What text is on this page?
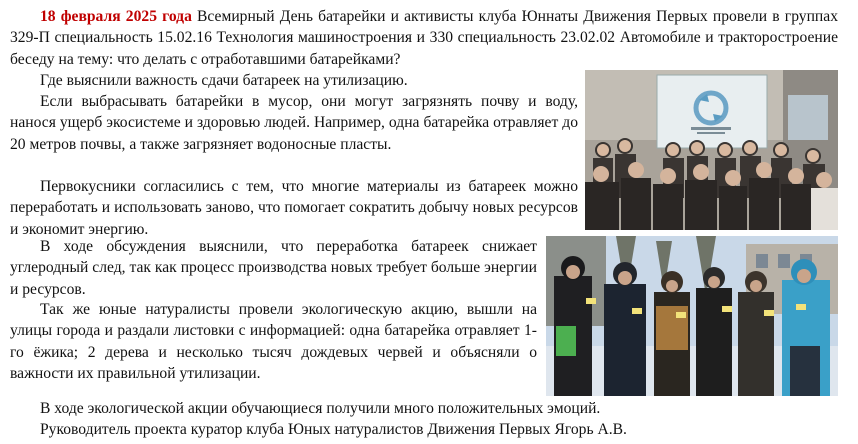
18 февраля 2025 года Всемирный День батарейки и активисты клуба Юннаты Движения Первых провели в группах 329-П специальность 15.02.16 Технология машиностроения и 330 специальность 23.02.02 Автомобиле и тракторостроение беседу на тему: что делать с отработавшими батарейками?

Где выяснили важность сдачи батареек на утилизацию.

Если выбрасывать батарейки в мусор, они могут загрязнять почву и воду, нанося ущерб экосистеме и здоровью людей. Например, одна батарейка отравляет до 20 метров почвы, а также загрязняет водоносные пласты.

Первокусники согласились с тем, что многие материалы из батареек можно переработать и использовать заново, что помогает сократить добычу новых ресурсов и экономит энергию.

В ходе обсуждения выяснили, что переработка батареек снижает углеродный след, так как процесс производства новых требует больше энергии и ресурсов.

Так же юные натуралисты провели экологическую акцию, вышли на улицы города и раздали листовки с информацией: одна батарейка отравляет 1-го ёжика; 2 дерева и несколько тысяч дождевых червей и объясняли о важности их правильной утилизации.

В ходе экологической акции обучающиеся получили много положительных эмоций.

Руководитель проекта куратор клуба Юных натуралистов Движения Первых Ягорь А.В.
